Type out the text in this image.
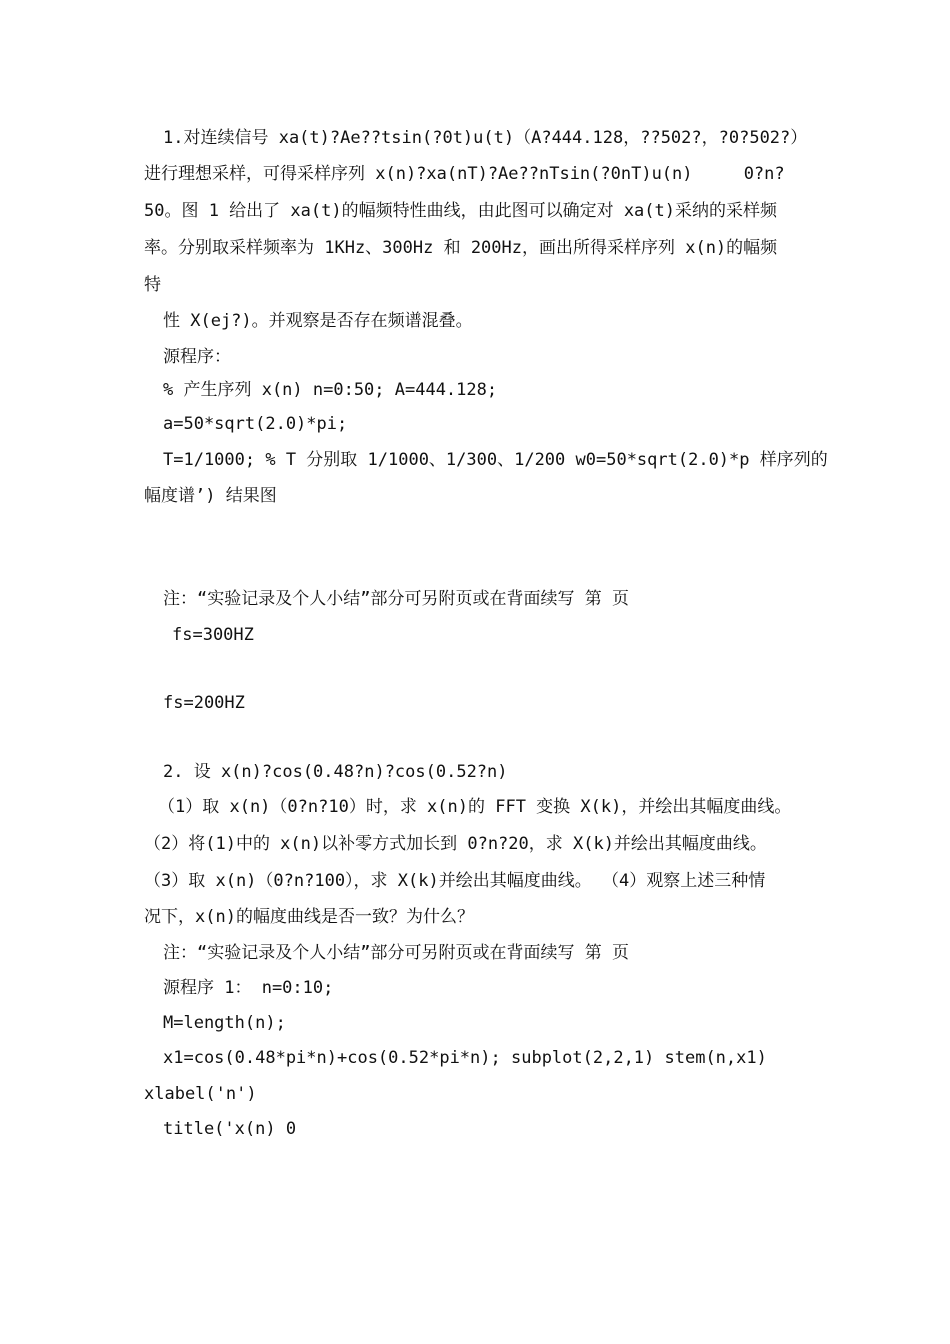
1.对连续信号 xa(t)?Ae??tsin(?0t)u(t)（A?444.128，??502?，?0?502?）
进行理想采样，可得采样序列 x(n)?xa(nT)?Ae??nTsin(?0nT)u(n)     0?n?
50。图 1 给出了 xa(t)的幅频特性曲线，由此图可以确定对 xa(t)采纳的采样频
率。分别取采样频率为 1KHz、300Hz 和 200Hz，画出所得采样序列 x(n)的幅频
特
性 X(ej?)。并观察是否存在频谱混叠。
源程序：
% 产生序列 x(n) n=0:50; A=444.128;
a=50*sqrt(2.0)*pi;
T=1/1000; % T 分别取 1/1000、1/300、1/200 w0=50*sqrt(2.0)*p 样序列的
幅度谱’) 结果图
注：“实验记录及个人小结”部分可另附页或在背面续写 第 页
fs=300HZ
fs=200HZ
2. 设 x(n)?cos(0.48?n)?cos(0.52?n)
（1）取 x(n)（0?n?10）时，求 x(n)的 FFT 变换 X(k)，并绘出其幅度曲线。
（2）将(1)中的 x(n)以补零方式加长到 0?n?20，求 X(k)并绘出其幅度曲线。
（3）取 x(n)（0?n?100），求 X(k)并绘出其幅度曲线。 （4）观察上述三种情
况下，x(n)的幅度曲线是否一致？为什么？
注：“实验记录及个人小结”部分可另附页或在背面续写 第 页
源程序 1： n=0:10;
M=length(n);
x1=cos(0.48*pi*n)+cos(0.52*pi*n); subplot(2,2,1) stem(n,x1)
xlabel('n')
title('x(n) 0
